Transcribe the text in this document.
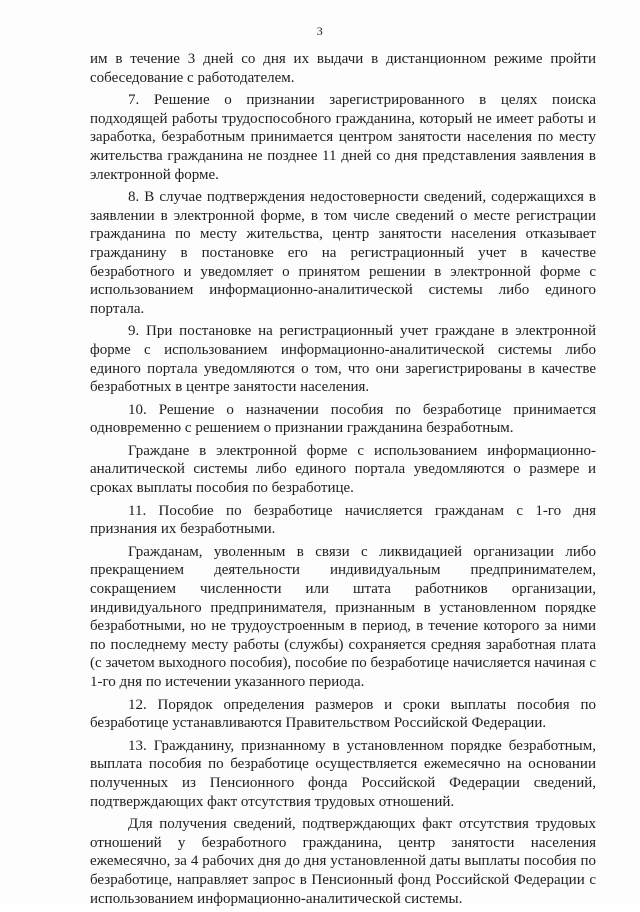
3

им в течение 3 дней со дня их выдачи в дистанционном режиме пройти собеседование с работодателем.

7. Решение о признании зарегистрированного в целях поиска подходящей работы трудоспособного гражданина, который не имеет работы и заработка, безработным принимается центром занятости населения по месту жительства гражданина не позднее 11 дней со дня представления заявления в электронной форме.

8. В случае подтверждения недостоверности сведений, содержащихся в заявлении в электронной форме, в том числе сведений о месте регистрации гражданина по месту жительства, центр занятости населения отказывает гражданину в постановке его на регистрационный учет в качестве безработного и уведомляет о принятом решении в электронной форме с использованием информационно-аналитической системы либо единого портала.

9. При постановке на регистрационный учет граждане в электронной форме с использованием информационно-аналитической системы либо единого портала уведомляются о том, что они зарегистрированы в качестве безработных в центре занятости населения.

10. Решение о назначении пособия по безработице принимается одновременно с решением о признании гражданина безработным.

Граждане в электронной форме с использованием информационно-аналитической системы либо единого портала уведомляются о размере и сроках выплаты пособия по безработице.

11. Пособие по безработице начисляется гражданам с 1-го дня признания их безработными.

Гражданам, уволенным в связи с ликвидацией организации либо прекращением деятельности индивидуальным предпринимателем, сокращением численности или штата работников организации, индивидуального предпринимателя, признанным в установленном порядке безработными, но не трудоустроенным в период, в течение которого за ними по последнему месту работы (службы) сохраняется средняя заработная плата (с зачетом выходного пособия), пособие по безработице начисляется начиная с 1-го дня по истечении указанного периода.

12. Порядок определения размеров и сроки выплаты пособия по безработице устанавливаются Правительством Российской Федерации.

13. Гражданину, признанному в установленном порядке безработным, выплата пособия по безработице осуществляется ежемесячно на основании полученных из Пенсионного фонда Российской Федерации сведений, подтверждающих факт отсутствия трудовых отношений.

Для получения сведений, подтверждающих факт отсутствия трудовых отношений у безработного гражданина, центр занятости населения ежемесячно, за 4 рабочих дня до дня установленной даты выплаты пособия по безработице, направляет запрос в Пенсионный фонд Российской Федерации с использованием информационно-аналитической системы.
